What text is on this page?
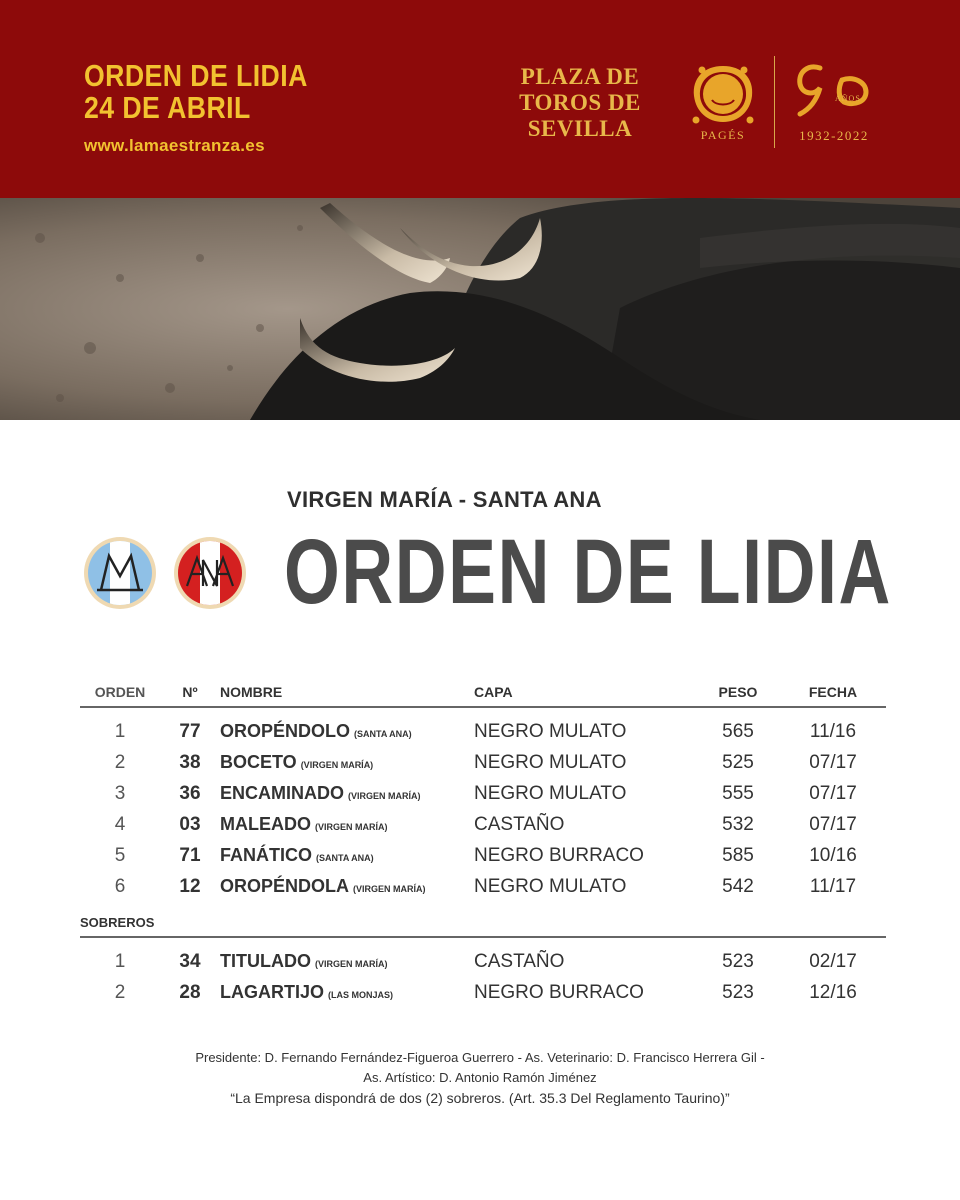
ORDEN DE LIDIA
24 DE ABRIL
www.lamaestranza.es
PLAZA DE
TOROS DE
SEVILLA	PAGÉS
AÑOS
1932-2022
VIRGEN MARÍA - SANTA ANA
ORDEN DE LIDIA
ORDEN	Nº	NOMBRE	CAPA	PESO	FECHA
1	77	OROPÉNDOLO (SANTA ANA)	NEGRO MULATO	565	11/16
2	38	BOCETO (VIRGEN MARÍA)	NEGRO MULATO	525	07/17
3	36	ENCAMINADO (VIRGEN MARÍA)	NEGRO MULATO	555	07/17
4	03	MALEADO (VIRGEN MARÍA)	CASTAÑO	532	07/17
5	71	FANÁTICO (SANTA ANA)	NEGRO BURRACO	585	10/16
6	12	OROPÉNDOLA (VIRGEN MARÍA)	NEGRO MULATO	542	11/17
SOBREROS					
1	34	TITULADO (VIRGEN MARÍA)	CASTAÑO	523	02/17
2	28	LAGARTIJO (LAS MONJAS)	NEGRO BURRACO	523	12/16
Presidente: D. Fernando Fernández-Figueroa Guerrero - As. Veterinario: D. Francisco Herrera Gil -
As. Artístico: D. Antonio Ramón Jiménez
“La Empresa dispondrá de dos (2) sobreros. (Art. 35.3 Del Reglamento Taurino)”
